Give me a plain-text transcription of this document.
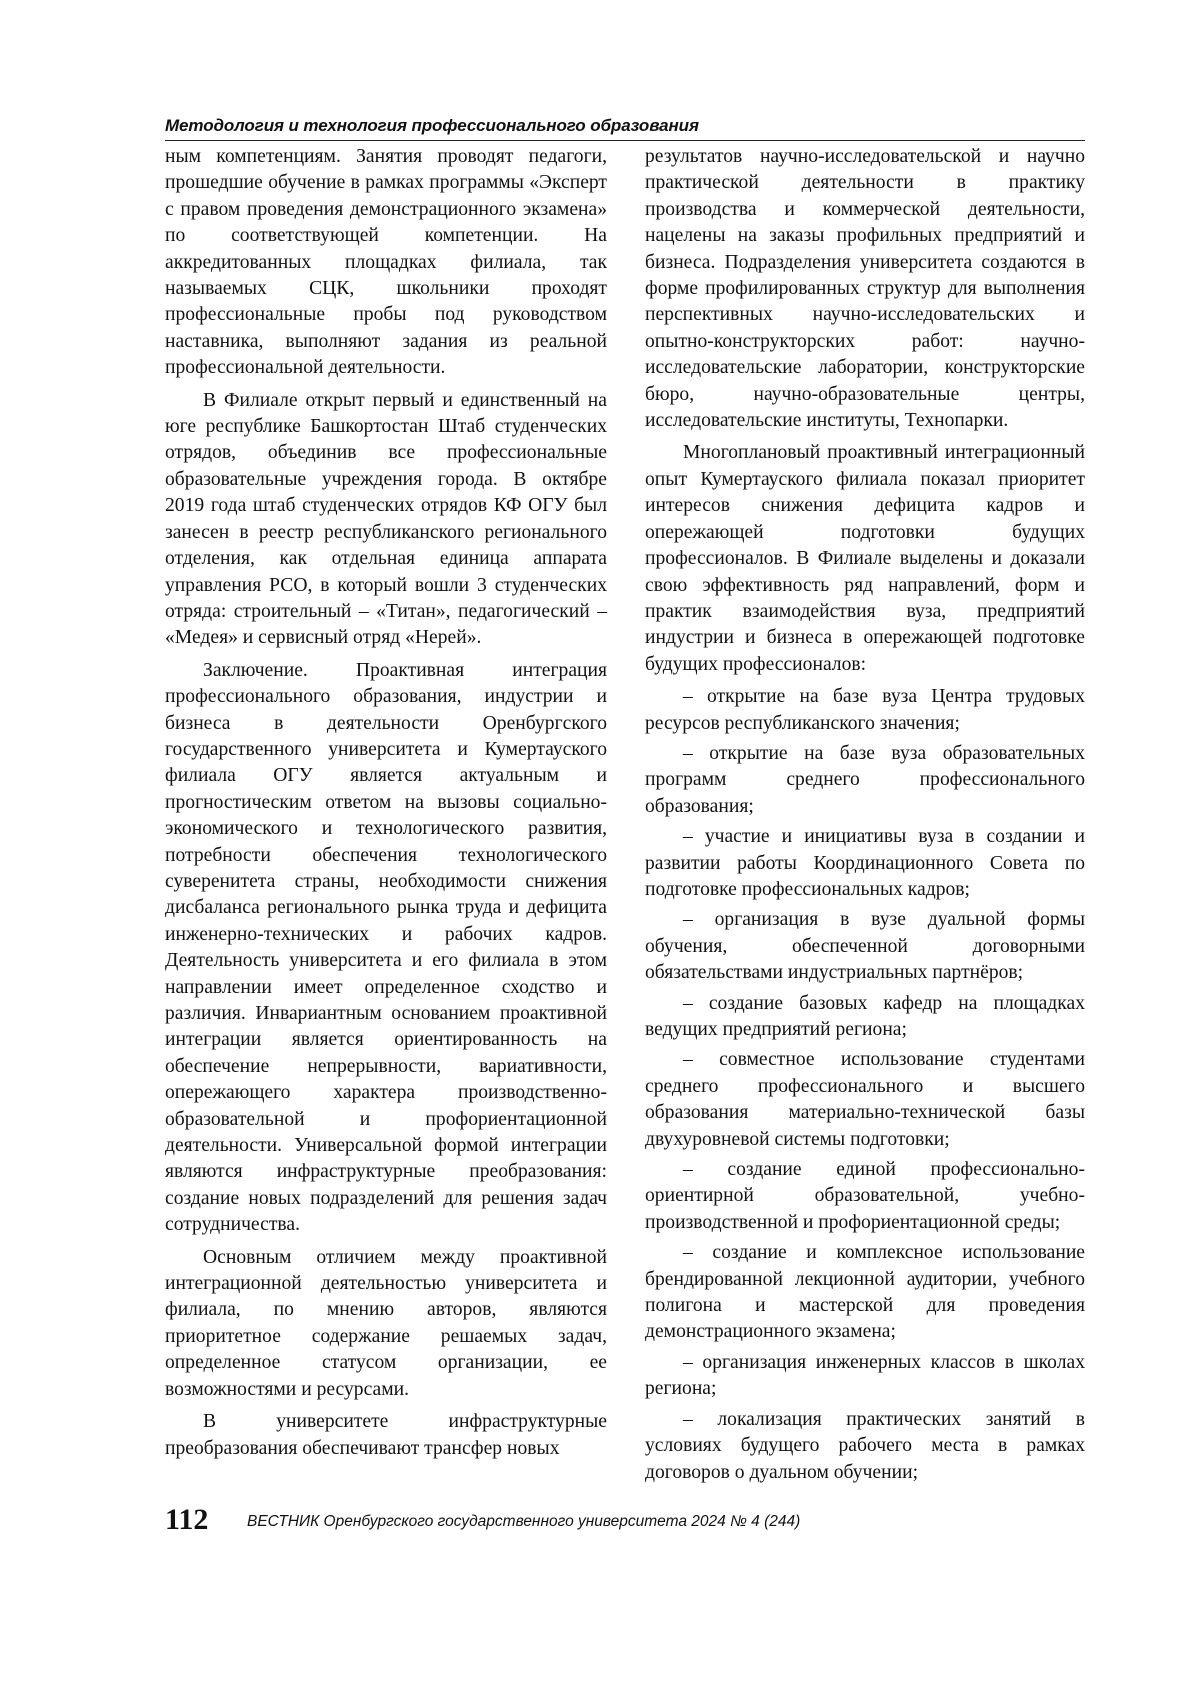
Методология и технология профессионального образования

ным компетенциям. Занятия проводят педагоги, прошедшие обучение в рамках программы «Эксперт с правом проведения демонстрационного экзамена» по соответствующей компетенции. На аккредитованных площадках филиала, так называемых СЦК, школьники проходят профессиональные пробы под руководством наставника, выполняют задания из реальной профессиональной деятельности.

В Филиале открыт первый и единственный на юге республике Башкортостан Штаб студенческих отрядов, объединив все профессиональные образовательные учреждения города. В октябре 2019 года штаб студенческих отрядов КФ ОГУ был занесен в реестр республиканского регионального отделения, как отдельная единица аппарата управления РСО, в который вошли 3 студенческих отряда: строительный – «Титан», педагогический – «Медея» и сервисный отряд «Нерей».

Заключение. Проактивная интеграция профессионального образования, индустрии и бизнеса в деятельности Оренбургского государственного университета и Кумертауского филиала ОГУ является актуальным и прогностическим ответом на вызовы социально-экономического и технологического развития, потребности обеспечения технологического суверенитета страны, необходимости снижения дисбаланса регионального рынка труда и дефицита инженерно-технических и рабочих кадров. Деятельность университета и его филиала в этом направлении имеет определенное сходство и различия. Инвариантным основанием проактивной интеграции является ориентированность на обеспечение непрерывности, вариативности, опережающего характера производственно-образовательной и профориентационной деятельности. Универсальной формой интеграции являются инфраструктурные преобразования: создание новых подразделений для решения задач сотрудничества.

Основным отличием между проактивной интеграционной деятельностью университета и филиала, по мнению авторов, являются приоритетное содержание решаемых задач, определенное статусом организации, ее возможностями и ресурсами.

В университете инфраструктурные преобразования обеспечивают трансфер новых

результатов научно-исследовательской и научно практической деятельности в практику производства и коммерческой деятельности, нацелены на заказы профильных предприятий и бизнеса. Подразделения университета создаются в форме профилированных структур для выполнения перспективных научно-исследовательских и опытно-конструкторских работ: научно-исследовательские лаборатории, конструкторские бюро, научно-образовательные центры, исследовательские институты, Технопарки.

Многоплановый проактивный интеграционный опыт Кумертауского филиала показал приоритет интересов снижения дефицита кадров и опережающей подготовки будущих профессионалов. В Филиале выделены и доказали свою эффективность ряд направлений, форм и практик взаимодействия вуза, предприятий индустрии и бизнеса в опережающей подготовке будущих профессионалов:

– открытие на базе вуза Центра трудовых ресурсов республиканского значения;

– открытие на базе вуза образовательных программ среднего профессионального образования;

– участие и инициативы вуза в создании и развитии работы Координационного Совета по подготовке профессиональных кадров;

– организация в вузе дуальной формы обучения, обеспеченной договорными обязательствами индустриальных партнёров;

– создание базовых кафедр на площадках ведущих предприятий региона;

– совместное использование студентами среднего профессионального и высшего образования материально-технической базы двухуровневой системы подготовки;

– создание единой профессионально-ориентирной образовательной, учебно-производственной и профориентационной среды;

– создание и комплексное использование брендированной лекционной аудитории, учебного полигона и мастерской для проведения демонстрационного экзамена;

– организация инженерных классов в школах региона;

– локализация практических занятий в условиях будущего рабочего места в рамках договоров о дуальном обучении;

112 ВЕСТНИК Оренбургского государственного университета 2024 № 4 (244)
